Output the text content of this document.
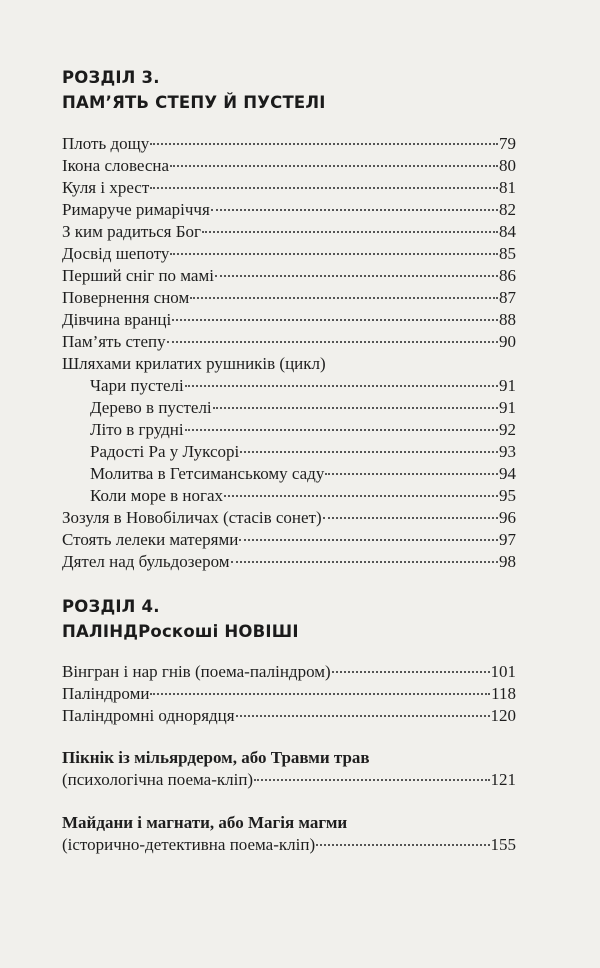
РОЗДІЛ 3.
ПАМ’ЯТЬ СТЕПУ Й ПУСТЕЛІ
Плоть дощу	79
Ікона словесна	80
Куля і хрест	81
Римаруче римаріччя	82
З ким радиться Бог	84
Досвід шепоту	85
Перший сніг по мамі	86
Повернення сном	87
Дівчина вранці	88
Пам’ять степу	90
Шляхами крилатих рушників (цикл)
Чари пустелі	91
Дерево в пустелі	91
Літо в грудні	92
Радості Ра у Луксорі	93
Молитва в Гетсиманському саду	94
Коли море в ногах	95
Зозуля в Новобіличах (стасів сонет)	96
Стоять лелеки матерями	97
Дятел над бульдозером	98
РОЗДІЛ 4.
ПАЛІНДРоскоші НОВІШІ
Вінгран і нар гнів (поема-паліндром)	101
Паліндроми	118
Паліндромні однорядця	120
Пікнік із мільярдером, або Травми трав
(психологічна поема-кліп)	121
Майдани і магнати, або Магія магми
(історично-детективна поема-кліп)	155
